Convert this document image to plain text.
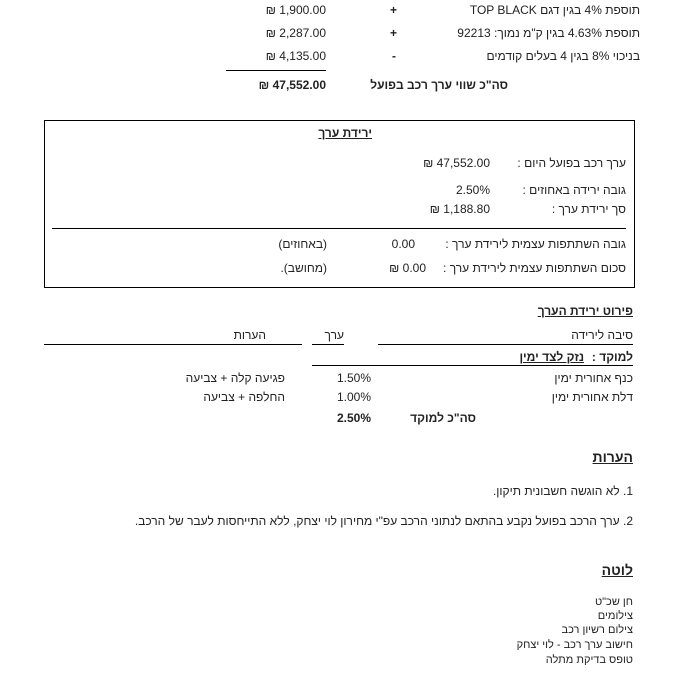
תוספת 4% בגין דגם TOP BLACK
+
1,900.00 ₪
תוספת 4.63% בגין ק"מ נמוך: 92213
+
2,287.00 ₪
בניכוי 8% בגין 4 בעלים קודמים
-
4,135.00 ₪
סה"כ שווי ערך רכב בפועל
47,552.00 ₪
ירידת ערך
ערך רכב בפועל היום :
47,552.00 ₪
גובה ירידה באחוזים :
2.50%
סך ירידת ערך :
1,188.80 ₪
גובה השתתפות עצמית לירידת ערך :
0.00
(באחוזים)
סכום השתתפות עצמית לירידת ערך :
0.00 ₪
(מחושב).
פירוט ירידת הערך
סיבה לירידה
ערך
הערות
למוקד :
נזק לצד ימין
כנף אחורית ימין
1.50%
פגיעה קלה + צביעה
דלת אחורית ימין
1.00%
החלפה + צביעה
סה"כ למוקד
2.50%
הערות
1. לא הוגשה חשבונית תיקון.
2. ערך הרכב בפועל נקבע בהתאם לנתוני הרכב עפ"י מחירון לוי יצחק, ללא התייחסות לעבר של הרכב.
לוטה
חן שכ"ט
צילומים
צילום רשיון רכב
חישוב ערך רכב - לוי יצחק
טופס בדיקת מתלה
